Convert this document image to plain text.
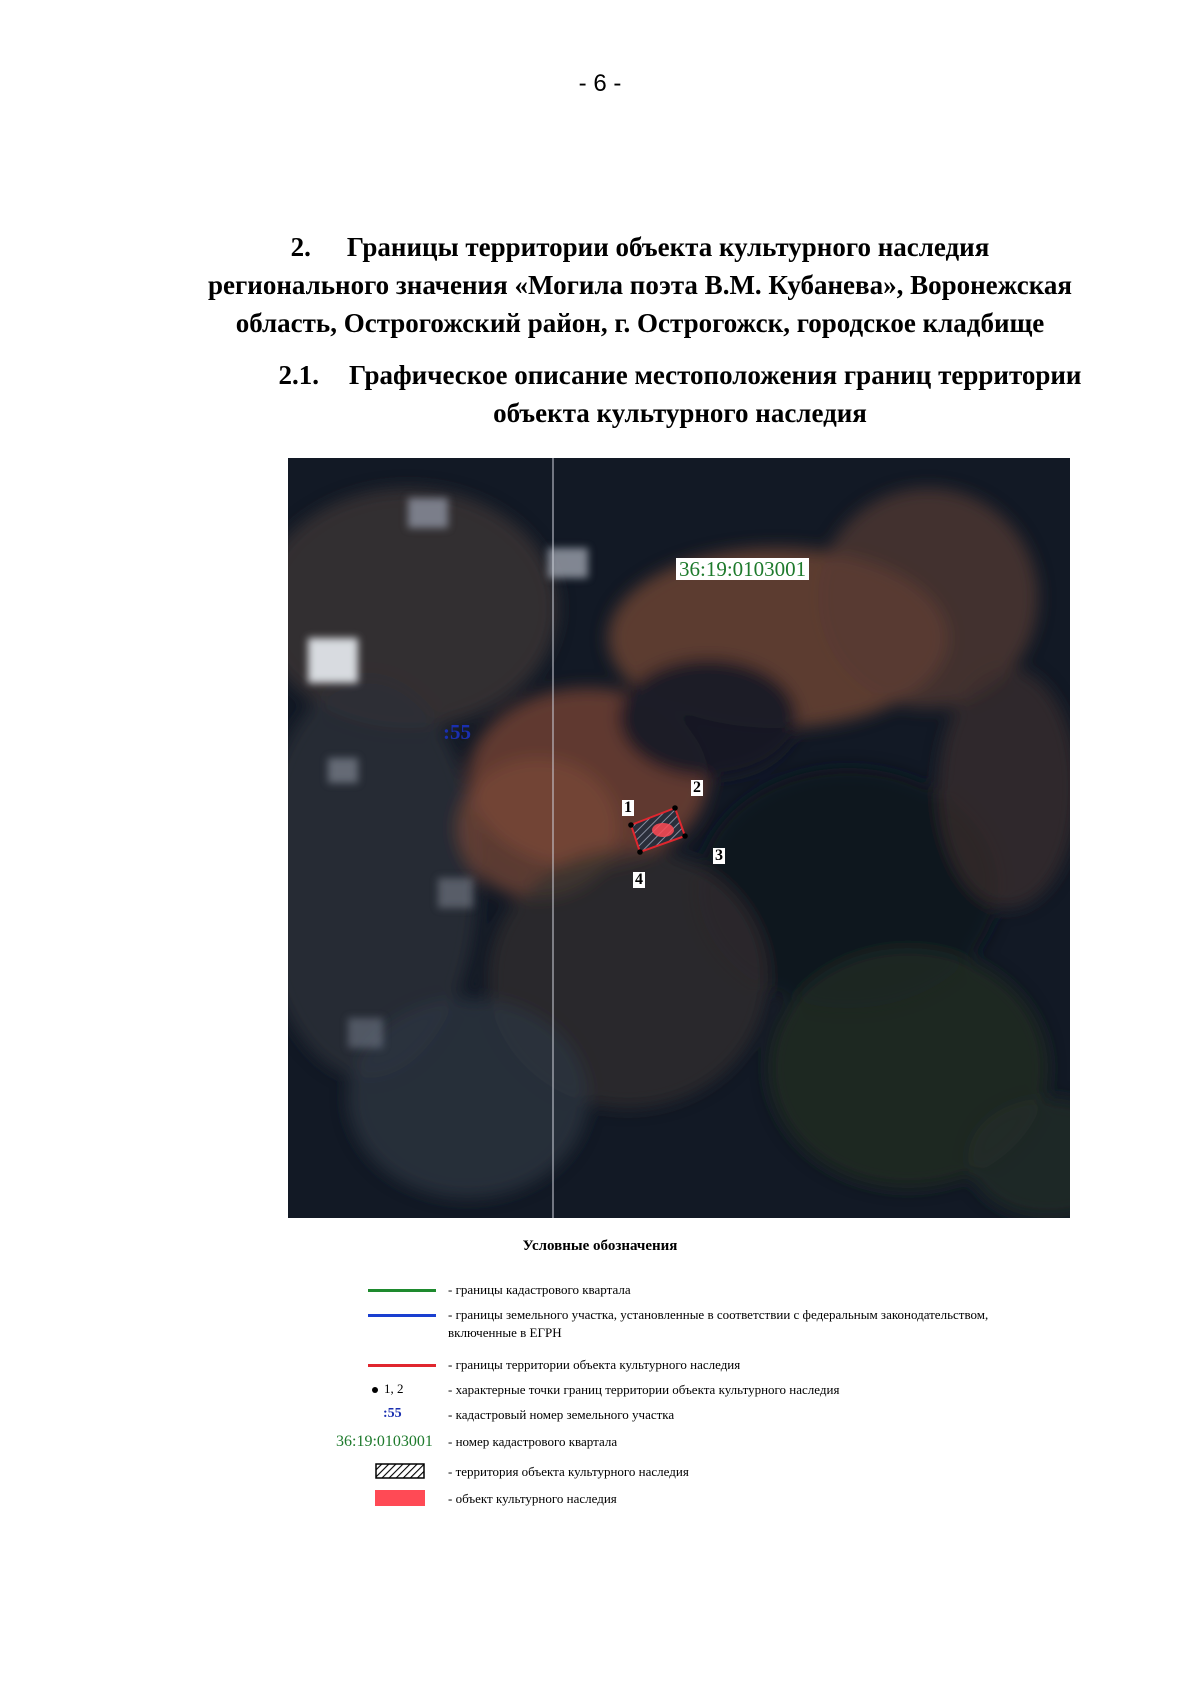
- 6 -
2. Границы территории объекта культурного наследия
регионального значения «Могила поэта В.М. Кубанева», Воронежская
область, Острогожский район, г. Острогожск, городское кладбище
2.1. Графическое описание местоположения границ территории
объекта культурного наследия
36:19:0103001
:55
1
2
3
4
Условные обозначения
- границы кадастрового квартала
- границы земельного участка, установленные в соответствии с федеральным законодательством, включенные в ЕГРН
- границы территории объекта культурного наследия
1, 2	- характерные точки границ территории объекта культурного наследия
:55	- кадастровый номер земельного участка
36:19:0103001 - номер кадастрового квартала
- территория объекта культурного наследия
- объект культурного наследия
